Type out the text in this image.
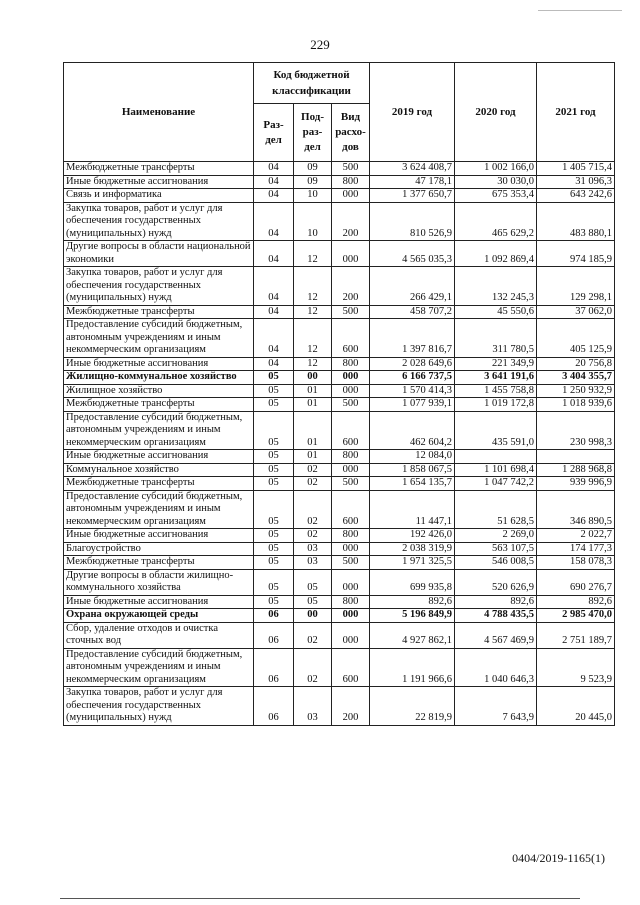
229
Наименование	Код бюджетной классификации			2019 год	2020 год	2021 год
	Раз-дел	Под-раз-дел	Вид расхо-дов			
Межбюджетные трансферты	04	09	500	3 624 408,7	1 002 166,0	1 405 715,4
Иные бюджетные ассигнования	04	09	800	47 178,1	30 030,0	31 096,3
Связь и информатика	04	10	000	1 377 650,7	675 353,4	643 242,6
Закупка товаров, работ и услуг для обеспечения государственных (муниципальных) нужд	04	10	200	810 526,9	465 629,2	483 880,1
Другие вопросы в области национальной экономики	04	12	000	4 565 035,3	1 092 869,4	974 185,9
Закупка товаров, работ и услуг для обеспечения государственных (муниципальных) нужд	04	12	200	266 429,1	132 245,3	129 298,1
Межбюджетные трансферты	04	12	500	458 707,2	45 550,6	37 062,0
Предоставление субсидий бюджетным, автономным учреждениям и иным некоммерческим организациям	04	12	600	1 397 816,7	311 780,5	405 125,9
Иные бюджетные ассигнования	04	12	800	2 028 649,6	221 349,9	20 756,8
Жилищно-коммунальное хозяйство	05	00	000	6 166 737,5	3 641 191,6	3 404 355,7
Жилищное хозяйство	05	01	000	1 570 414,3	1 455 758,8	1 250 932,9
Межбюджетные трансферты	05	01	500	1 077 939,1	1 019 172,8	1 018 939,6
Предоставление субсидий бюджетным, автономным учреждениям и иным некоммерческим организациям	05	01	600	462 604,2	435 591,0	230 998,3
Иные бюджетные ассигнования	05	01	800	12 084,0		
Коммунальное хозяйство	05	02	000	1 858 067,5	1 101 698,4	1 288 968,8
Межбюджетные трансферты	05	02	500	1 654 135,7	1 047 742,2	939 996,9
Предоставление субсидий бюджетным, автономным учреждениям и иным некоммерческим организациям	05	02	600	11 447,1	51 628,5	346 890,5
Иные бюджетные ассигнования	05	02	800	192 426,0	2 269,0	2 022,7
Благоустройство	05	03	000	2 038 319,9	563 107,5	174 177,3
Межбюджетные трансферты	05	03	500	1 971 325,5	546 008,5	158 078,3
Другие вопросы в области жилищно-коммунального хозяйства	05	05	000	699 935,8	520 626,9	690 276,7
Иные бюджетные ассигнования	05	05	800	892,6	892,6	892,6
Охрана окружающей среды	06	00	000	5 196 849,9	4 788 435,5	2 985 470,0
Сбор, удаление отходов и очистка сточных вод	06	02	000	4 927 862,1	4 567 469,9	2 751 189,7
Предоставление субсидий бюджетным, автономным учреждениям и иным некоммерческим организациям	06	02	600	1 191 966,6	1 040 646,3	9 523,9
Закупка товаров, работ и услуг для обеспечения государственных (муниципальных) нужд	06	03	200	22 819,9	7 643,9	20 445,0
0404/2019-1165(1)
